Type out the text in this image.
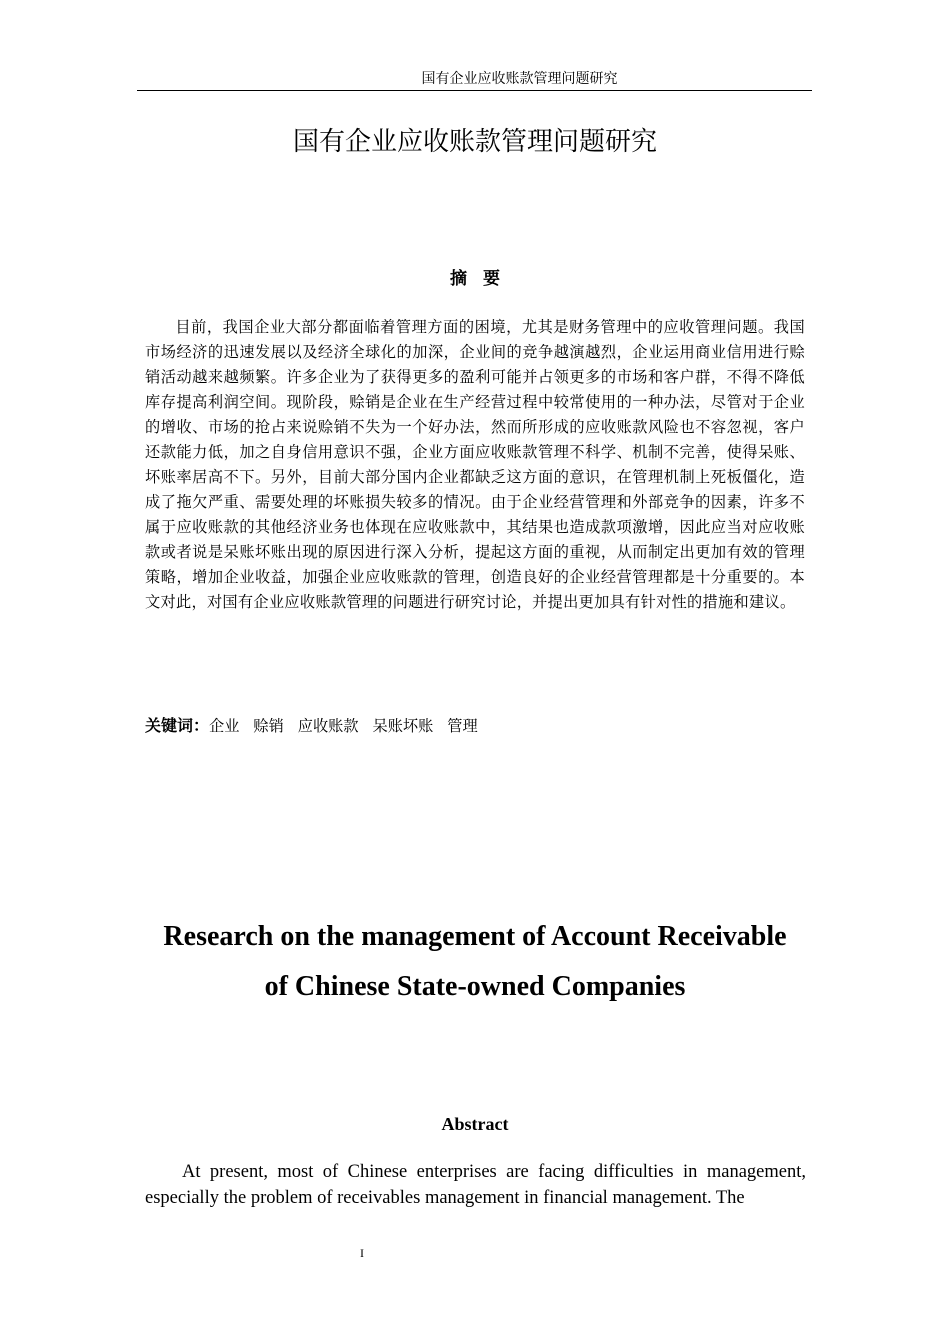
国有企业应收账款管理问题研究
国有企业应收账款管理问题研究
摘要
目前，我国企业大部分都面临着管理方面的困境，尤其是财务管理中的应收管理问题。我国市场经济的迅速发展以及经济全球化的加深，企业间的竞争越演越烈，企业运用商业信用进行赊销活动越来越频繁。许多企业为了获得更多的盈利可能并占领更多的市场和客户群，不得不降低库存提高利润空间。现阶段，赊销是企业在生产经营过程中较常使用的一种办法，尽管对于企业的增收、市场的抢占来说赊销不失为一个好办法，然而所形成的应收账款风险也不容忽视，客户还款能力低，加之自身信用意识不强，企业方面应收账款管理不科学、机制不完善，使得呆账、坏账率居高不下。另外，目前大部分国内企业都缺乏这方面的意识，在管理机制上死板僵化，造成了拖欠严重、需要处理的坏账损失较多的情况。由于企业经营管理和外部竞争的因素，许多不属于应收账款的其他经济业务也体现在应收账款中，其结果也造成款项激增，因此应当对应收账款或者说是呆账坏账出现的原因进行深入分析，提起这方面的重视，从而制定出更加有效的管理策略，增加企业收益，加强企业应收账款的管理，创造良好的企业经营管理都是十分重要的。本文对此，对国有企业应收账款管理的问题进行研究讨论，并提出更加具有针对性的措施和建议。
关键词：企业 赊销 应收账款 呆账坏账 管理
Research on the management of Account Receivable
of Chinese State-owned Companies
Abstract
At present, most of Chinese enterprises are facing difficulties in management, especially the problem of receivables management in financial management. The
I
